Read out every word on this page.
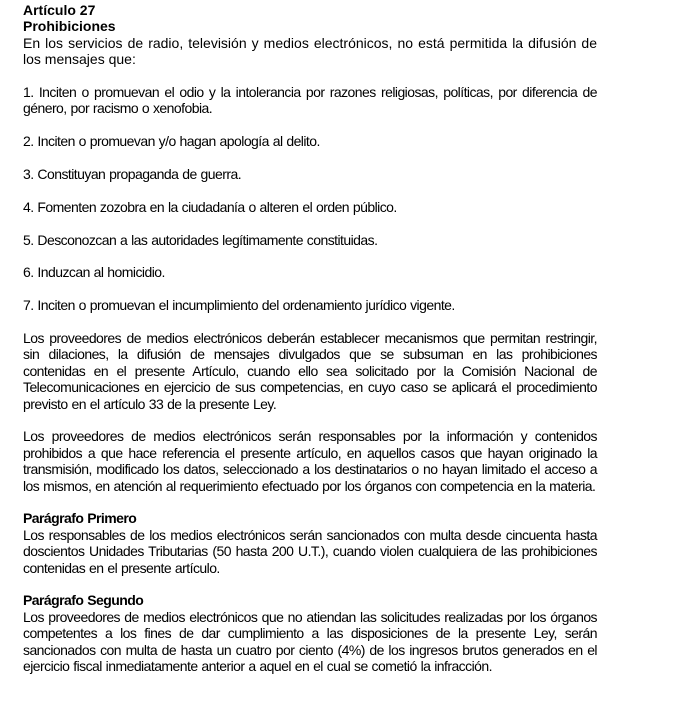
Artículo 27

Prohibiciones

En los servicios de radio, televisión y medios electrónicos, no está permitida la difusión de los mensajes que:

1. Inciten o promuevan el odio y la intolerancia por razones religiosas, políticas, por diferencia de género, por racismo o xenofobia.

2. Inciten o promuevan y/o hagan apología al delito.

3. Constituyan propaganda de guerra.

4. Fomenten zozobra en la ciudadanía o alteren el orden público.

5. Desconozcan a las autoridades legítimamente constituidas.

6. Induzcan al homicidio.

7. Inciten o promuevan el incumplimiento del ordenamiento jurídico vigente.

Los proveedores de medios electrónicos deberán establecer mecanismos que permitan restringir, sin dilaciones, la difusión de mensajes divulgados que se subsuman en las prohibiciones contenidas en el presente Artículo, cuando ello sea solicitado por la Comisión Nacional de Telecomunicaciones en ejercicio de sus competencias, en cuyo caso se aplicará el procedimiento previsto en el artículo 33 de la presente Ley.

Los proveedores de medios electrónicos serán responsables por la información y contenidos prohibidos a que hace referencia el presente artículo, en aquellos casos que hayan originado la transmisión, modificado los datos, seleccionado a los destinatarios o no hayan limitado el acceso a los mismos, en atención al requerimiento efectuado por los órganos con competencia en la materia.

Parágrafo Primero

Los responsables de los medios electrónicos serán sancionados con multa desde cincuenta hasta doscientos Unidades Tributarias (50 hasta 200 U.T.), cuando violen cualquiera de las prohibiciones contenidas en el presente artículo.

Parágrafo Segundo

Los proveedores de medios electrónicos que no atiendan las solicitudes realizadas por los órganos competentes a los fines de dar cumplimiento a las disposiciones de la presente Ley, serán sancionados con multa de hasta un cuatro por ciento (4%) de los ingresos brutos generados en el ejercicio fiscal inmediatamente anterior a aquel en el cual se cometió la infracción.
